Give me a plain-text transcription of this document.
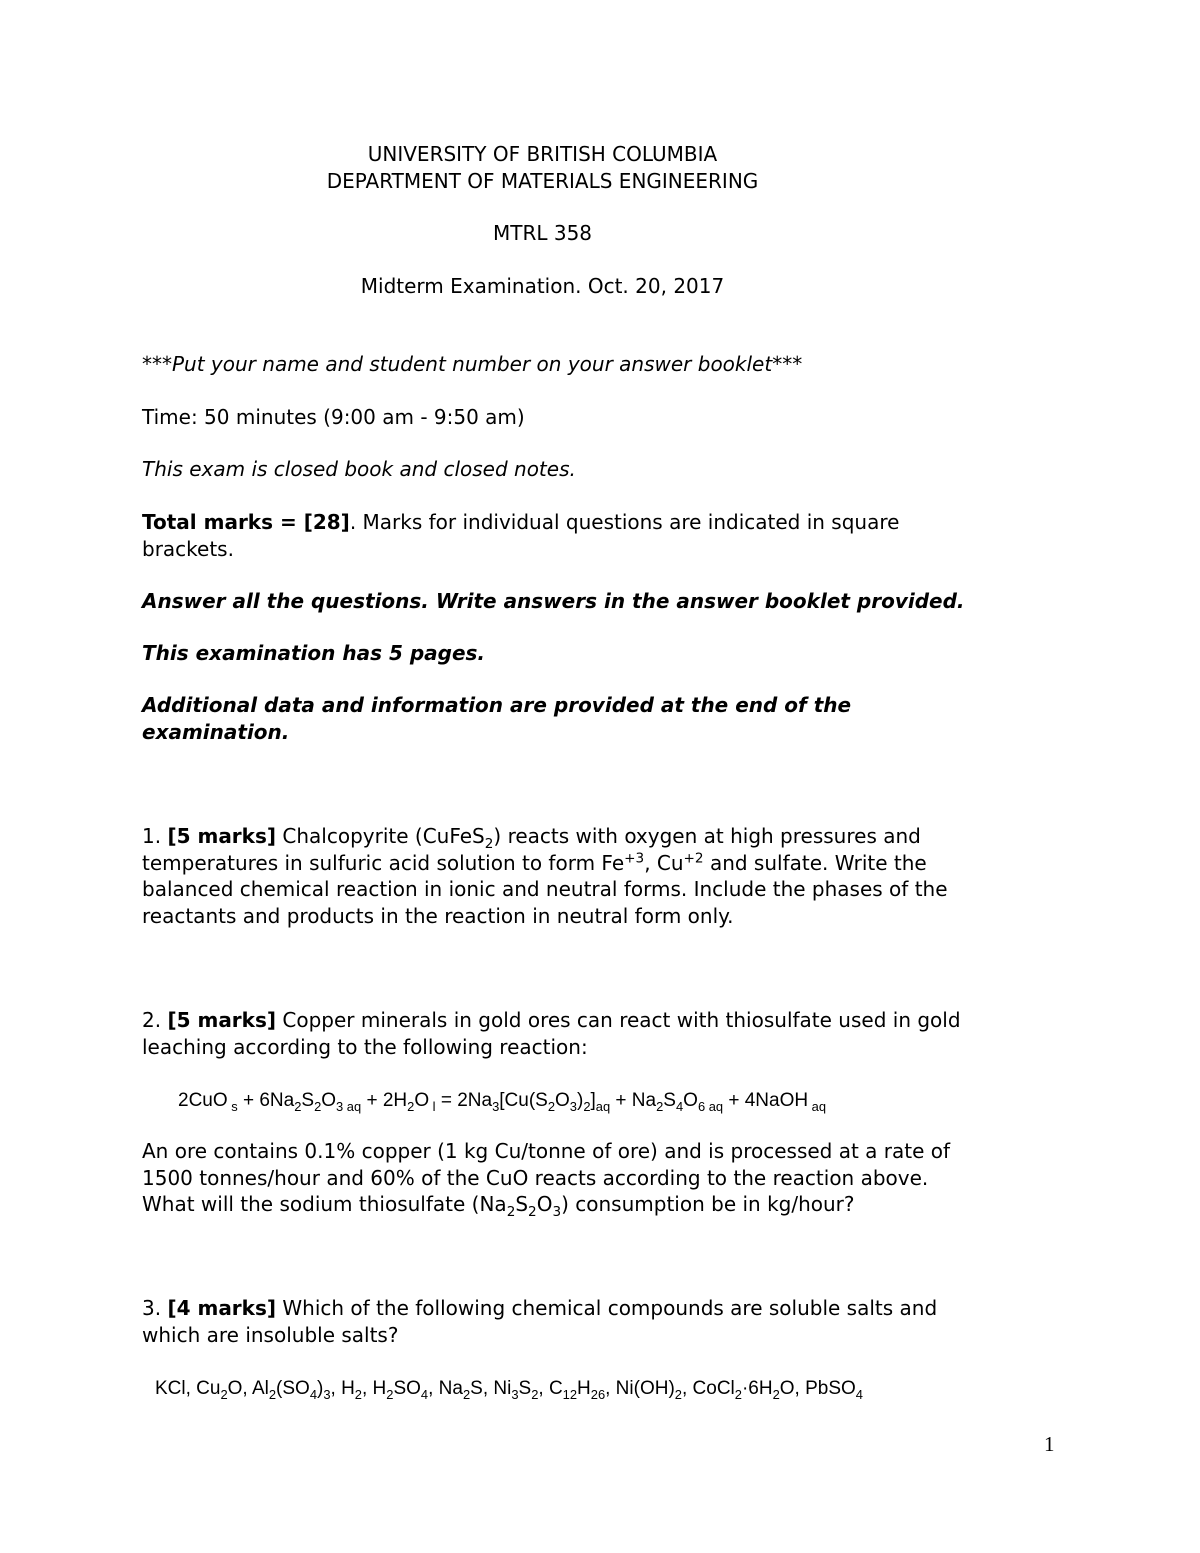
UNIVERSITY OF BRITISH COLUMBIA
DEPARTMENT OF MATERIALS ENGINEERING
MTRL 358
Midterm Examination. Oct. 20, 2017
***Put your name and student number on your answer booklet***
Time: 50 minutes (9:00 am - 9:50 am)
This exam is closed book and closed notes.
Total marks = [28]. Marks for individual questions are indicated in square
brackets.
Answer all the questions. Write answers in the answer booklet provided.
This examination has 5 pages.
Additional data and information are provided at the end of the
examination.
1. [5 marks] Chalcopyrite (CuFeS$_2$) reacts with oxygen at high pressures and
temperatures in sulfuric acid solution to form $Fe^{+3}$, $Cu^{+2}$ and sulfate. Write the
balanced chemical reaction in ionic and neutral forms. Include the phases of the
reactants and products in the reaction in neutral form only.
2. [5 marks] Copper minerals in gold ores can react with thiosulfate used in gold
leaching according to the following reaction:
2CuO $_s + 6Na_2S_2O_{3 aq} + 2H_2O$ $_l = 2Na_3[Cu(S_2O_3)_2]_{aq} + Na_2S_4O_{6 aq}$ + 4NaOH $_{aq}$
An ore contains 0.1% copper (1 kg Cu/tonne of ore) and is processed at a rate of
1500 tonnes/hour and 60% of the CuO reacts according to the reaction above.
What will the sodium thiosulfate $(Na_2S_2O_3)$ consumption be in kg/hour?
3. [4 marks] Which of the following chemical compounds are soluble salts and
which are insoluble salts?
KCl, $Cu_2O$, $Al_2(SO_4)_3$, $H_2$, $H_2SO_4$, $Na_2S$, $Ni_3S_2$, $C_{12}H_{26}$, $Ni(OH)_2$, $CoCl_2\cdot 6H_2O$, PbSO$_4$
1
